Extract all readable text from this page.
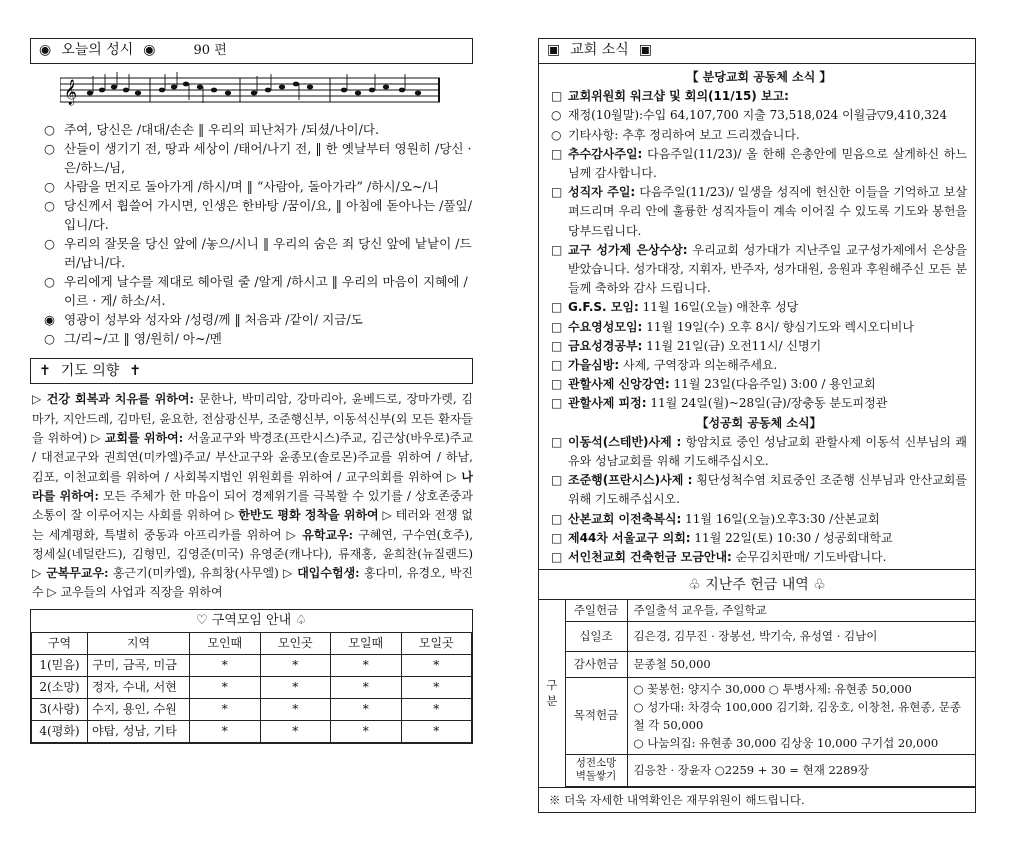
◉ 오늘의 성시 ◉	90 편
𝄞
○ 주여, 당신은 /대대/손손 ‖ 우리의 피난처가 /되셨/나이/다.
○ 산들이 생기기 전, 땅과 세상이 /태어/나기 전, ‖ 한 옛날부터 영원히 /당신 · 은/하느/님,
○ 사람을 먼지로 돌아가게 /하시/며 ‖ “사람아, 돌아가라” /하시/오~/니
○ 당신께서 휩쓸어 가시면, 인생은 한바탕 /꿈이/요, ‖ 아침에 돋아나는 /풀잎/입니/다.
○ 우리의 잘못을 당신 앞에 /놓으/시니 ‖ 우리의 숨은 죄 당신 앞에 낱낱이 /드러/납니/다.
○ 우리에게 날수를 제대로 헤아릴 줄 /알게 /하시고 ‖ 우리의 마음이 지혜에 /이르 · 게/ 하소/서.
◉ 영광이 성부와 성자와 /성령/께 ‖ 처음과 /같이/ 지금/도
○ 그/리~/고 ‖ 영/원히/ 아~/멘
✝ 기도 의향 ✝
▷ 건강 회복과 치유를 위하여: 문한나, 박미리암, 강마리아, 윤베드로, 장마가렛, 김마가, 지안드레, 김마틴, 윤요한, 전삼광신부, 조준행신부, 이동석신부(외 모든 환자들을 위하여) ▷ 교회를 위하여: 서울교구와 박경조(프란시스)주교, 김근상(바우로)주교 / 대전교구와 권희연(미카엘)주교/ 부산교구와 윤종모(솔로몬)주교를 위하여 / 하남, 김포, 이천교회를 위하여 / 사회복지법인 위원회를 위하여 / 교구의회를 위하여 ▷ 나라를 위하여: 모든 주체가 한 마음이 되어 경제위기를 극복할 수 있기를 / 상호존중과 소통이 잘 이루어지는 사회를 위하여 ▷ 한반도 평화 정착을 위하여 ▷ 테러와 전쟁 없는 세계평화, 특별히 중동과 아프리카를 위하여 ▷ 유학교우: 구혜연, 구수연(호주), 정세실(네덜란드), 김형민, 김영준(미국) 유영준(캐나다), 류재홍, 윤희찬(뉴질랜드) ▷ 군복무교우: 홍근기(미카엘), 유희창(사무엘) ▷ 대입수험생: 홍다미, 유경오, 박진수 ▷ 교우들의 사업과 직장을 위하여
♡ 구역모임 안내 ♤
구역	지역	모인때	모인곳	모일때	모일곳
1(믿음)	구미, 금곡, 미금	*	*	*	*
2(소망)	정자, 수내, 서현	*	*	*	*
3(사랑)	수지, 용인, 수원	*	*	*	*
4(평화)	야탑, 성남, 기타	*	*	*	*
▣ 교회 소식 ▣
【 분당교회 공동체 소식 】

□ 교회위원회 워크샵 및 회의(11/15) 보고:

○ 재정(10월말):수입 64,107,700 지출 73,518,024 이월금▽9,410,324

○ 기타사항: 추후 정리하여 보고 드리겠습니다.

□ 추수감사주일: 다음주일(11/23)/ 올 한해 은총안에 믿음으로 살게하신 하느님께 감사합니다.

□ 성직자 주일: 다음주일(11/23)/ 일생을 성직에 헌신한 이들을 기억하고 보살펴드리며 우리 안에 훌륭한 성직자들이 계속 이어질 수 있도록 기도와 봉헌을 당부드립니다.

□ 교구 성가제 은상수상: 우리교회 성가대가 지난주일 교구성가제에서 은상을 받았습니다. 성가대장, 지휘자, 반주자, 성가대원, 응원과 후원해주신 모든 분들께 축하와 감사 드립니다.

□ G.F.S. 모임: 11월 16일(오늘) 애찬후 성당

□ 수요영성모임: 11월 19일(수) 오후 8시/ 향심기도와 렉시오디비나

□ 금요성경공부: 11월 21일(금) 오전11시/ 신명기

□ 가을심방: 사제, 구역장과 의논해주세요.

□ 관할사제 신앙강연: 11월 23일(다음주일) 3:00 / 용인교회

□ 관할사제 피정: 11월 24일(월)~28일(금)/장충동 분도피정관

【성공회 공동체 소식】

□ 이동석(스테반)사제 : 항암치료 중인 성남교회 관할사제 이동석 신부님의 쾌유와 성남교회를 위해 기도해주십시오.

□ 조준행(프란시스)사제 : 횡단성척수염 치료중인 조준행 신부님과 안산교회를 위해 기도해주십시오.

□ 산본교회 이전축복식: 11월 16일(오늘)오후3:30 /산본교회

□ 제44차 서울교구 의회: 11월 22일(토) 10:30 / 성공회대학교

□ 서인천교회 건축헌금 모금안내: 순무김치판매/ 기도바랍니다.

♧ 지난주 헌금 내역 ♧
구분	주일헌금	주일출석 교우들, 주일학교
	십일조	김은경, 김무진 · 장봉선, 박기숙, 유성열 · 김남이
	감사헌금	문종철 50,000
	목적헌금	○ 꽃봉헌: 양지수 30,000 ○ 투병사제: 유현종 50,000
○ 성가대: 차경숙 100,000 김기화, 김웅호, 이창천, 유현종, 문종철 각 50,000
○ 나눔의집: 유현종 30,000 김상웅 10,000 구기섭 20,000
	성전소망 벽돌쌓기	김응찬 · 장윤자 ○2259 + 30 = 현재 2289장
※ 더욱 자세한 내역확인은 재무위원이 해드립니다.
